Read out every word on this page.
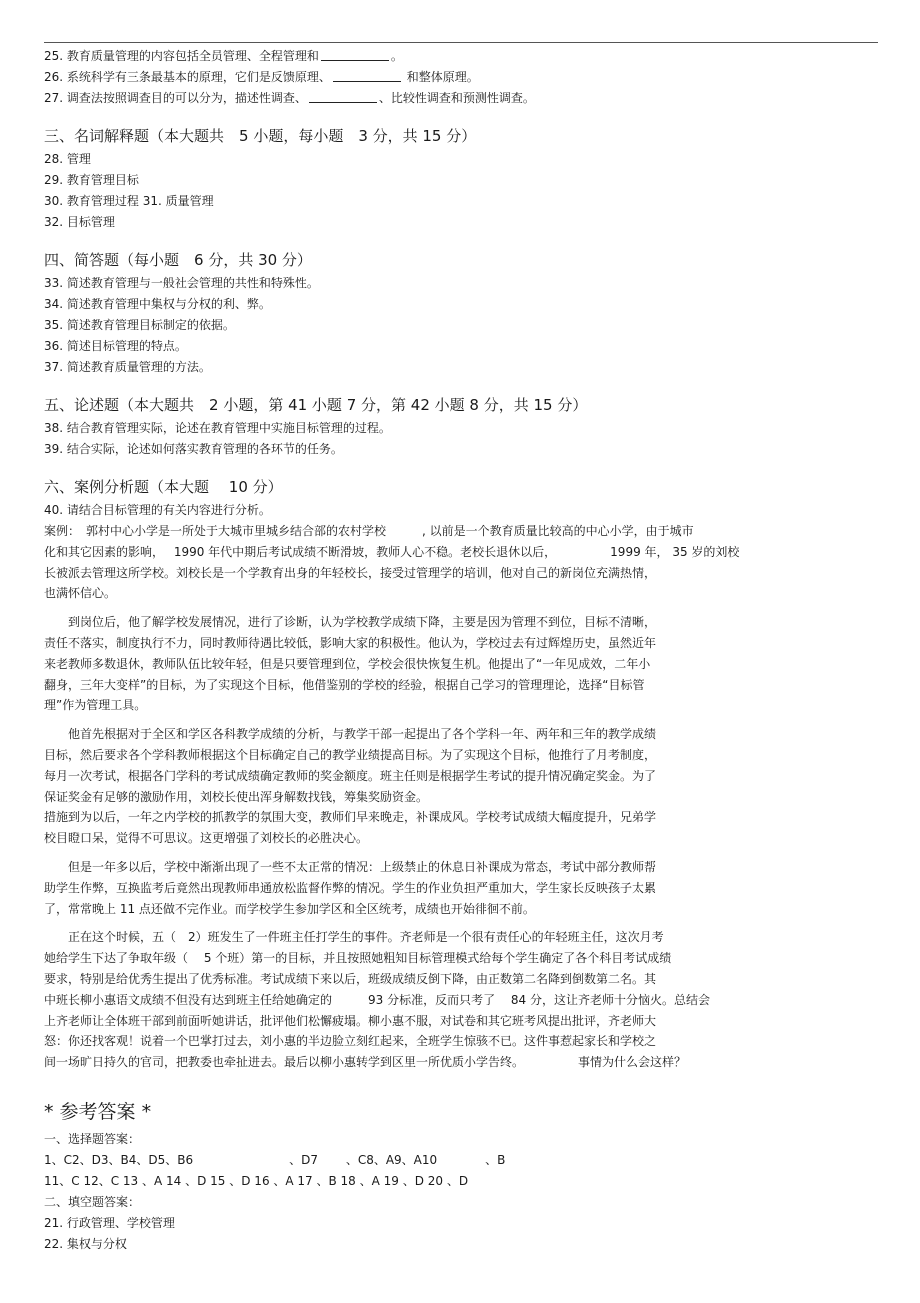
25. 教育质量管理的内容包括全员管理、全程管理和	。
26. 系统科学有三条最基本的原理，它们是反馈原理、	和整体原理。
27. 调查法按照调查目的可以分为，描述性调查、	、比较性调查和预测性调查。
三、名词解释题（本大题共　5 小题，每小题　3 分，共 15 分）
28. 管理
29. 教育管理目标
30. 教育管理过程 31. 质量管理
32. 目标管理
四、简答题（每小题　6 分，共 30 分）
33. 简述教育管理与一般社会管理的共性和特殊性。
34. 简述教育管理中集权与分权的利、弊。
35. 简述教育管理目标制定的依据。
36. 简述目标管理的特点。
37. 简述教育质量管理的方法。
五、论述题（本大题共　2 小题，第 41 小题 7 分，第 42 小题 8 分，共 15 分）
38. 结合教育管理实际，论述在教育管理中实施目标管理的过程。
39. 结合实际，论述如何落实教育管理的各环节的任务。
六、案例分析题（本大题　 10 分）
40. 请结合目标管理的有关内容进行分析。
案例：　郭村中心小学是一所处于大城市里城乡结合部的农村学校　　　, 以前是一个教育质量比较高的中心小学，由于城市
化和其它因素的影响，　 1990 年代中期后考试成绩不断滑坡，教师人心不稳。老校长退休以后，　　　　　1999 年， 35 岁的刘校
长被派去管理这所学校。刘校长是一个学教育出身的年轻校长，接受过管理学的培训，他对自己的新岗位充满热情，
也满怀信心。
　　到岗位后，他了解学校发展情况，进行了诊断，认为学校教学成绩下降，主要是因为管理不到位，目标不清晰，
责任不落实，制度执行不力，同时教师待遇比较低，影响大家的积极性。他认为，学校过去有过辉煌历史，虽然近年
来老教师多数退休，教师队伍比较年轻，但是只要管理到位，学校会很快恢复生机。他提出了“一年见成效，二年小
翻身，三年大变样”的目标，为了实现这个目标，他借鉴别的学校的经验，根据自己学习的管理理论，选择“目标管
理”作为管理工具。
　　他首先根据对于全区和学区各科教学成绩的分析，与教学干部一起提出了各个学科一年、两年和三年的教学成绩
目标，然后要求各个学科教师根据这个目标确定自己的教学业绩提高目标。为了实现这个目标，他推行了月考制度，
每月一次考试，根据各门学科的考试成绩确定教师的奖金额度。班主任则是根据学生考试的提升情况确定奖金。为了
保证奖金有足够的激励作用，刘校长使出浑身解数找钱，筹集奖励资金。
措施到为以后，一年之内学校的抓教学的氛围大变，教师们早来晚走，补课成风。学校考试成绩大幅度提升，兄弟学
校目瞪口呆，觉得不可思议。这更增强了刘校长的必胜决心。
　　但是一年多以后，学校中渐渐出现了一些不太正常的情况：上级禁止的休息日补课成为常态，考试中部分教师帮
助学生作弊，互换监考后竟然出现教师串通放松监督作弊的情况。学生的作业负担严重加大，学生家长反映孩子太累
了，常常晚上 11 点还做不完作业。而学校学生参加学区和全区统考，成绩也开始徘徊不前。
　　正在这个时候，五（　2）班发生了一件班主任打学生的事件。齐老师是一个很有责任心的年轻班主任，这次月考
她给学生下达了争取年级（　 5 个班）第一的目标，并且按照她粗知目标管理模式给每个学生确定了各个科目考试成绩
要求，特别是给优秀生提出了优秀标准。考试成绩下来以后，班级成绩反倒下降，由正数第二名降到倒数第二名。其
中班长柳小惠语文成绩不但没有达到班主任给她确定的　　　93 分标准，反而只考了　 84 分，这让齐老师十分恼火。总结会
上齐老师让全体班干部到前面听她讲话，批评他们松懈疲塌。柳小惠不服，对试卷和其它班考风提出批评，齐老师大
怒：你还找客观！说着一个巴掌打过去，刘小惠的半边脸立刻红起来，全班学生惊骇不已。这件事惹起家长和学校之
间一场旷日持久的官司，把教委也牵扯进去。最后以柳小惠转学到区里一所优质小学告终。　　　　　事情为什么会这样？
* 参考答案 *
一、选择题答案：
1、C2、D3、B4、D5、B6　　　　　　　　、D7　　 、C8、A9、A10　　　　、B
11、C 12、C 13 、A 14 、D 15 、D 16 、A 17 、B 18 、A 19 、D 20 、D
二、填空题答案：
21. 行政管理、学校管理
22. 集权与分权
